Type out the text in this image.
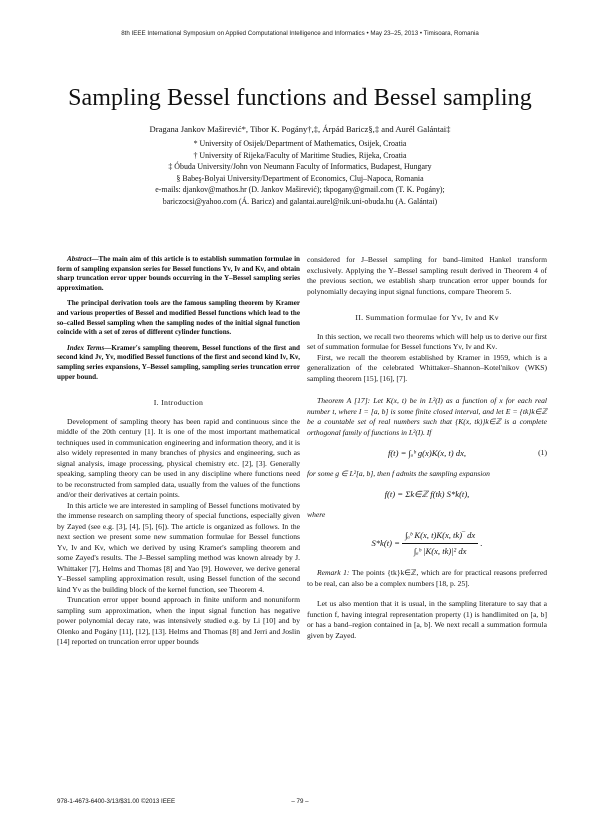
8th IEEE International Symposium on Applied Computational Intelligence and Informatics • May 23–25, 2013 • Timisoara, Romania
Sampling Bessel functions and Bessel sampling
Dragana Jankov Maširević*, Tibor K. Pogány†,‡, Árpád Baricz§,‡ and Aurél Galántai‡
* University of Osijek/Department of Mathematics, Osijek, Croatia
† University of Rijeka/Faculty of Maritime Studies, Rijeka, Croatia
‡ Óbuda University/John von Neumann Faculty of Informatics, Budapest, Hungary
§ Babeş-Bolyai University/Department of Economics, Cluj–Napoca, Romania
e-mails: djankov@mathos.hr (D. Jankov Maširević); tkpogany@gmail.com (T. K. Pogány);
bariczocsi@yahoo.com (Á. Baricz) and galantai.aurel@nik.uni-obuda.hu (A. Galántai)
Abstract—The main aim of this article is to establish summation formulae in form of sampling expansion series for Bessel functions Yν, Iν and Kν, and obtain sharp truncation error upper bounds occurring in the Y–Bessel sampling series approximation.
The principal derivation tools are the famous sampling theorem by Kramer and various properties of Bessel and modified Bessel functions which lead to the so–called Bessel sampling when the sampling nodes of the initial signal function coincide with a set of zeros of different cylinder functions.
Index Terms—Kramer's sampling theorem, Bessel functions of the first and second kind Jν, Yν, modified Bessel functions of the first and second kind Iν, Kν, sampling series expansions, Y–Bessel sampling, sampling series truncation error upper bound.
I. Introduction

Development of sampling theory has been rapid and continuous since the middle of the 20th century [1]. It is one of the most important mathematical techniques used in communication engineering and information theory, and it is also widely represented in many branches of physics and engineering, such as signal analysis, image processing, physical chemistry etc. [2], [3]. Generally speaking, sampling theory can be used in any discipline where functions need to be reconstructed from sampled data, usually from the values of the functions and/or their derivatives at certain points.

In this article we are interested in sampling of Bessel functions motivated by the immense research on sampling theory of special functions, especially given by Zayed (see e.g. [3], [4], [5], [6]). The article is organized as follows. In the next section we present some new summation formulae for Bessel functions Yν, Iν and Kν, which we derived by using Kramer's sampling theorem and some Zayed's results. The J–Bessel sampling method was known already by J. Whittaker [7], Helms and Thomas [8] and Yao [9]. However, we derive general Y–Bessel sampling approximation result, using Bessel function of the second kind Yν as the building block of the kernel function, see Theorem 4.

Truncation error upper bound approach in finite uniform and nonuniform sampling sum approximation, when the input signal function has negative power polynomial decay rate, was intensively studied e.g. by Li [10] and by Olenko and Pogány [11], [12], [13]. Helms and Thomas [8] and Jerri and Joslin [14] reported on truncation error upper bounds

considered for J–Bessel sampling for band–limited Hankel transform exclusively. Applying the Y–Bessel sampling result derived in Theorem 4 of the previous section, we establish sharp truncation error upper bounds for polynomially decaying input signal functions, compare Theorem 5.

II. Summation formulae for Yν, Iν and Kν

In this section, we recall two theorems which will help us to derive our first set of summation formulae for Bessel functions Yν, Iν and Kν.

First, we recall the theorem established by Kramer in 1959, which is a generalization of the celebrated Whittaker–Shannon–Kotel'nikov (WKS) sampling theorem [15], [16], [7].

Theorem A [17]: Let K(x, t) be in L²(I) as a function of x for each real number t, where I = [a, b] is some finite closed interval, and let E = {tk}k∈ℤ be a countable set of real numbers such that {K(x, tk)}k∈ℤ is a complete orthogonal family of functions in L²(I). If

f(t) = ∫ₐᵇ g(x)K(x, t) dx,	(1)

for some g ∈ L²[a, b], then f admits the sampling expansion

f(t) = Σk∈ℤ f(tk) S*k(t),

where

S*k(t) =
$\frac{\text{∫ₐᵇ K(x, t)K(x, tk)‾ dx}}{\text{∫ₐᵇ |K(x, tk)|² dx}}$ .

Remark 1: The points {tk}k∈ℤ, which are for practical reasons preferred to be real, can also be a complex numbers [18, p. 25].

Let us also mention that it is usual, in the sampling literature to say that a function f, having integral representation property (1) is handlimited on [a, b] or has a band–region contained in [a, b]. We next recall a summation formula given by Zayed.

978-1-4673-6400-3/13/$31.00 ©2013 IEEE	– 79 –
